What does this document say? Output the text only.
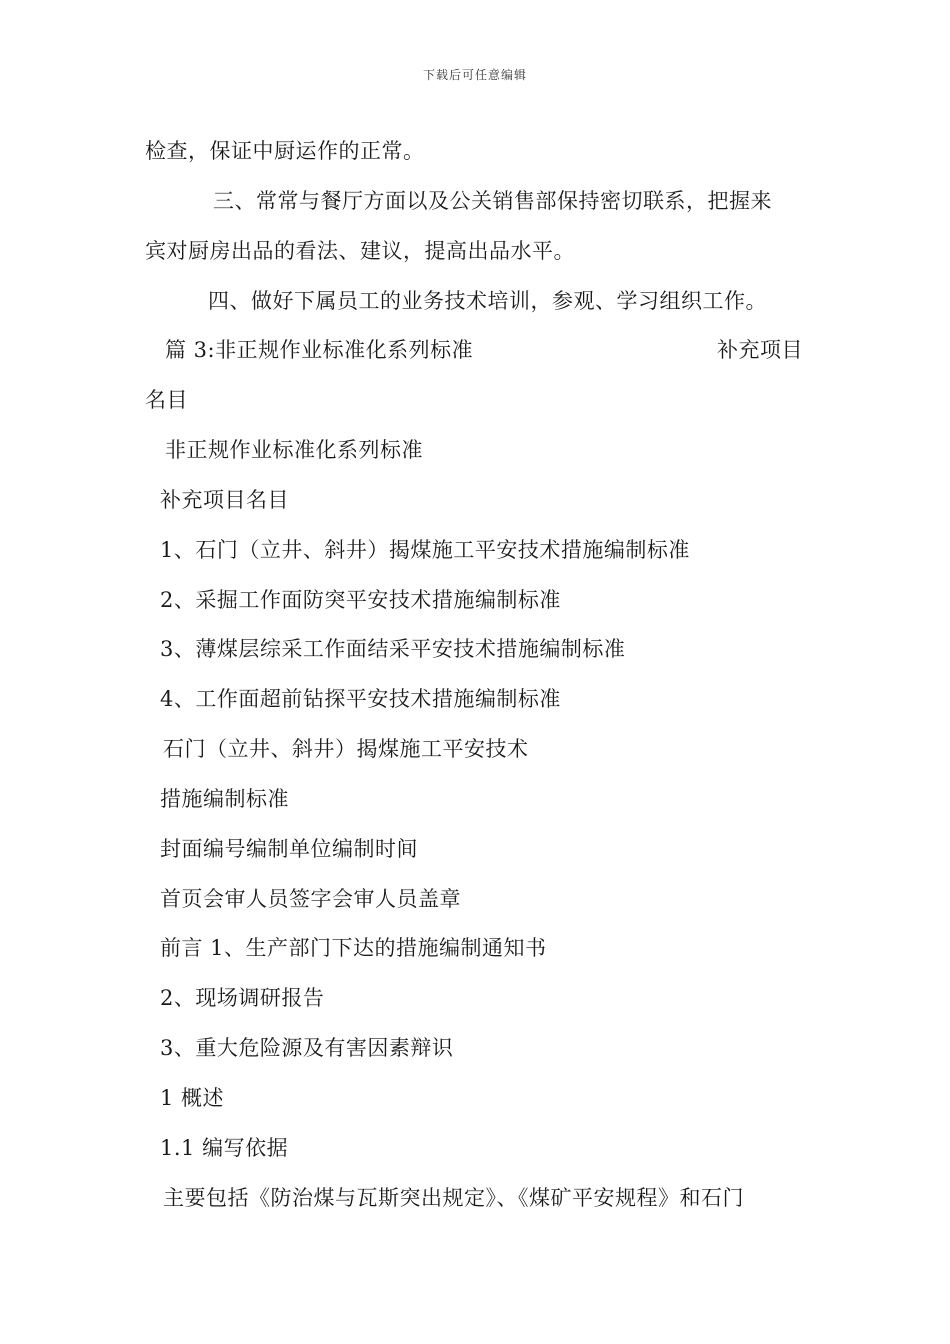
下载后可任意编辑
检查，保证中厨运作的正常。
三、常常与餐厅方面以及公关销售部保持密切联系，把握来
宾对厨房出品的看法、建议，提高出品水平。
四、做好下属员工的业务技术培训，参观、学习组织工作。
篇 3:非正规作业标准化系列标准	补充项目
名目
非正规作业标准化系列标准
补充项目名目
1、石门（立井、斜井）揭煤施工平安技术措施编制标准
2、采掘工作面防突平安技术措施编制标准
3、薄煤层综采工作面结采平安技术措施编制标准
4、工作面超前钻探平安技术措施编制标准
石门（立井、斜井）揭煤施工平安技术
措施编制标准
封面编号编制单位编制时间
首页会审人员签字会审人员盖章
前言 1、生产部门下达的措施编制通知书
2、现场调研报告
3、重大危险源及有害因素辩识
1 概述
1.1 编写依据
主要包括《防治煤与瓦斯突出规定》、《煤矿平安规程》和石门
